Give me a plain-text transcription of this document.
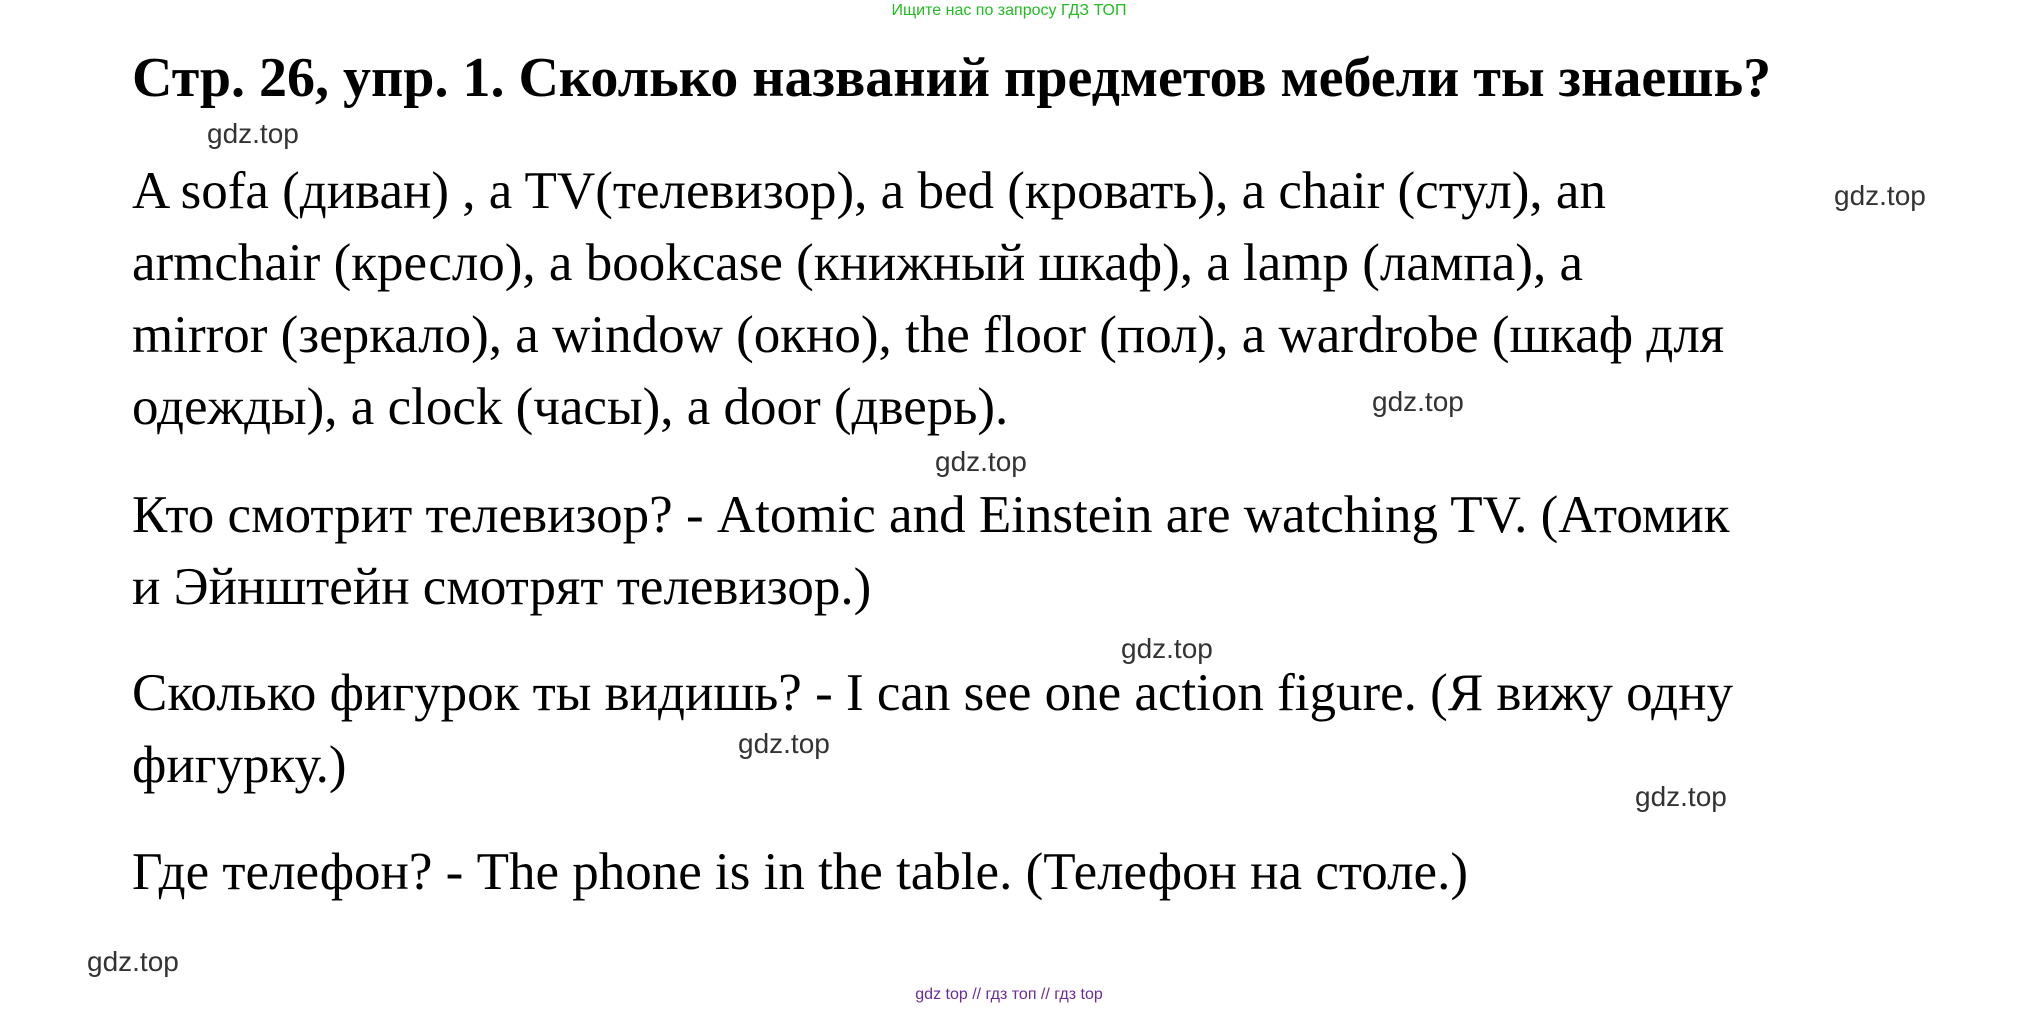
Ищите нас по запросу ГДЗ ТОП
Стр. 26, упр. 1. Сколько названий предметов мебели ты знаешь?

A sofa (диван) , a TV(телевизор), a bed (кровать), a chair (стул), an
armchair (кресло), a bookcase (книжный шкаф), a lamp (лампа), a
mirror (зеркало), a window (окно), the floor (пол), a wardrobe (шкаф для
одежды), a clock (часы), a door (дверь).

Кто смотрит телевизор? - Atomic and Einstein are watching TV. (Атомик
и Эйнштейн смотрят телевизор.)

Сколько фигурок ты видишь? - I can see one action figure. (Я вижу одну
фигурку.)

Где телефон? - The phone is in the table. (Телефон на столе.)

gdz.top
gdz.top
gdz.top
gdz.top
gdz.top
gdz.top
gdz.top
gdz.top
gdz top // гдз топ // гдз top
